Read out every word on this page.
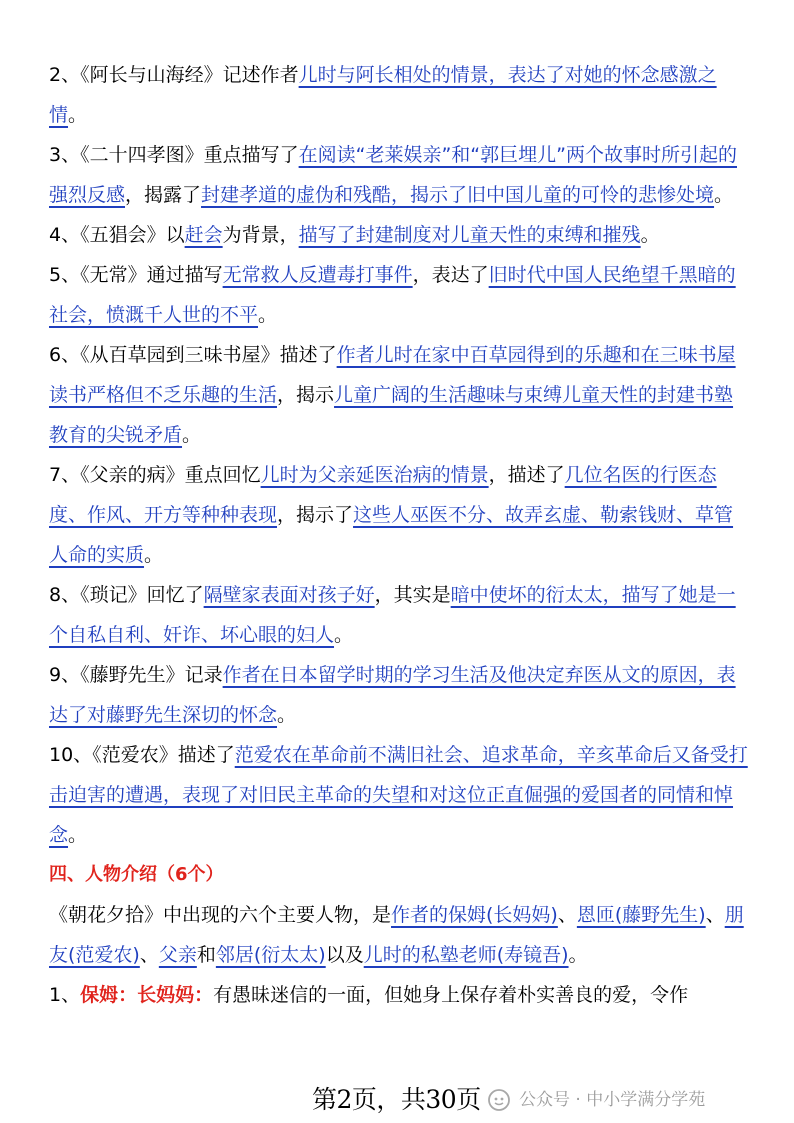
2、《阿长与山海经》记述作者儿时与阿长相处的情景，表达了对她的怀念感激之情。

3、《二十四孝图》重点描写了在阅读“老莱娱亲”和“郭巨埋儿”两个故事时所引起的强烈反感，揭露了封建孝道的虚伪和残酷，揭示了旧中国儿童的可怜的悲惨处境。

4、《五猖会》以赶会为背景，描写了封建制度对儿童天性的束缚和摧残。

5、《无常》通过描写无常救人反遭毒打事件，表达了旧时代中国人民绝望千黑暗的社会，愤溉千人世的不平。

6、《从百草园到三味书屋》描述了作者儿时在家中百草园得到的乐趣和在三味书屋读书严格但不乏乐趣的生活，揭示儿童广阔的生活趣味与束缚儿童天性的封建书塾教育的尖锐矛盾。

7、《父亲的病》重点回忆儿时为父亲延医治病的情景，描述了几位名医的行医态度、作风、开方等种种表现，揭示了这些人巫医不分、故弄玄虚、勒索钱财、草管人命的实质。

8、《琐记》回忆了隔壁家表面对孩子好，其实是暗中使坏的衍太太，描写了她是一个自私自利、奸诈、坏心眼的妇人。

9、《藤野先生》记录作者在日本留学时期的学习生活及他决定弃医从文的原因，表达了对藤野先生深切的怀念。

10、《范爱农》描述了范爱农在革命前不满旧社会、追求革命，辛亥革命后又备受打击迫害的遭遇，表现了对旧民主革命的失望和对这位正直倔强的爱国者的同情和悼念。

四、人物介绍（6个）

《朝花夕拾》中出现的六个主要人物，是作者的保姆(长妈妈)、恩匝(藤野先生)、朋友(范爱农)、父亲和邻居(衍太太)以及儿时的私塾老师(寿镜吾)。

1、保姆：长妈妈：有愚昧迷信的一面，但她身上保存着朴实善良的爱，令作

第2页，共30页 公众号 · 中小学满分学苑
